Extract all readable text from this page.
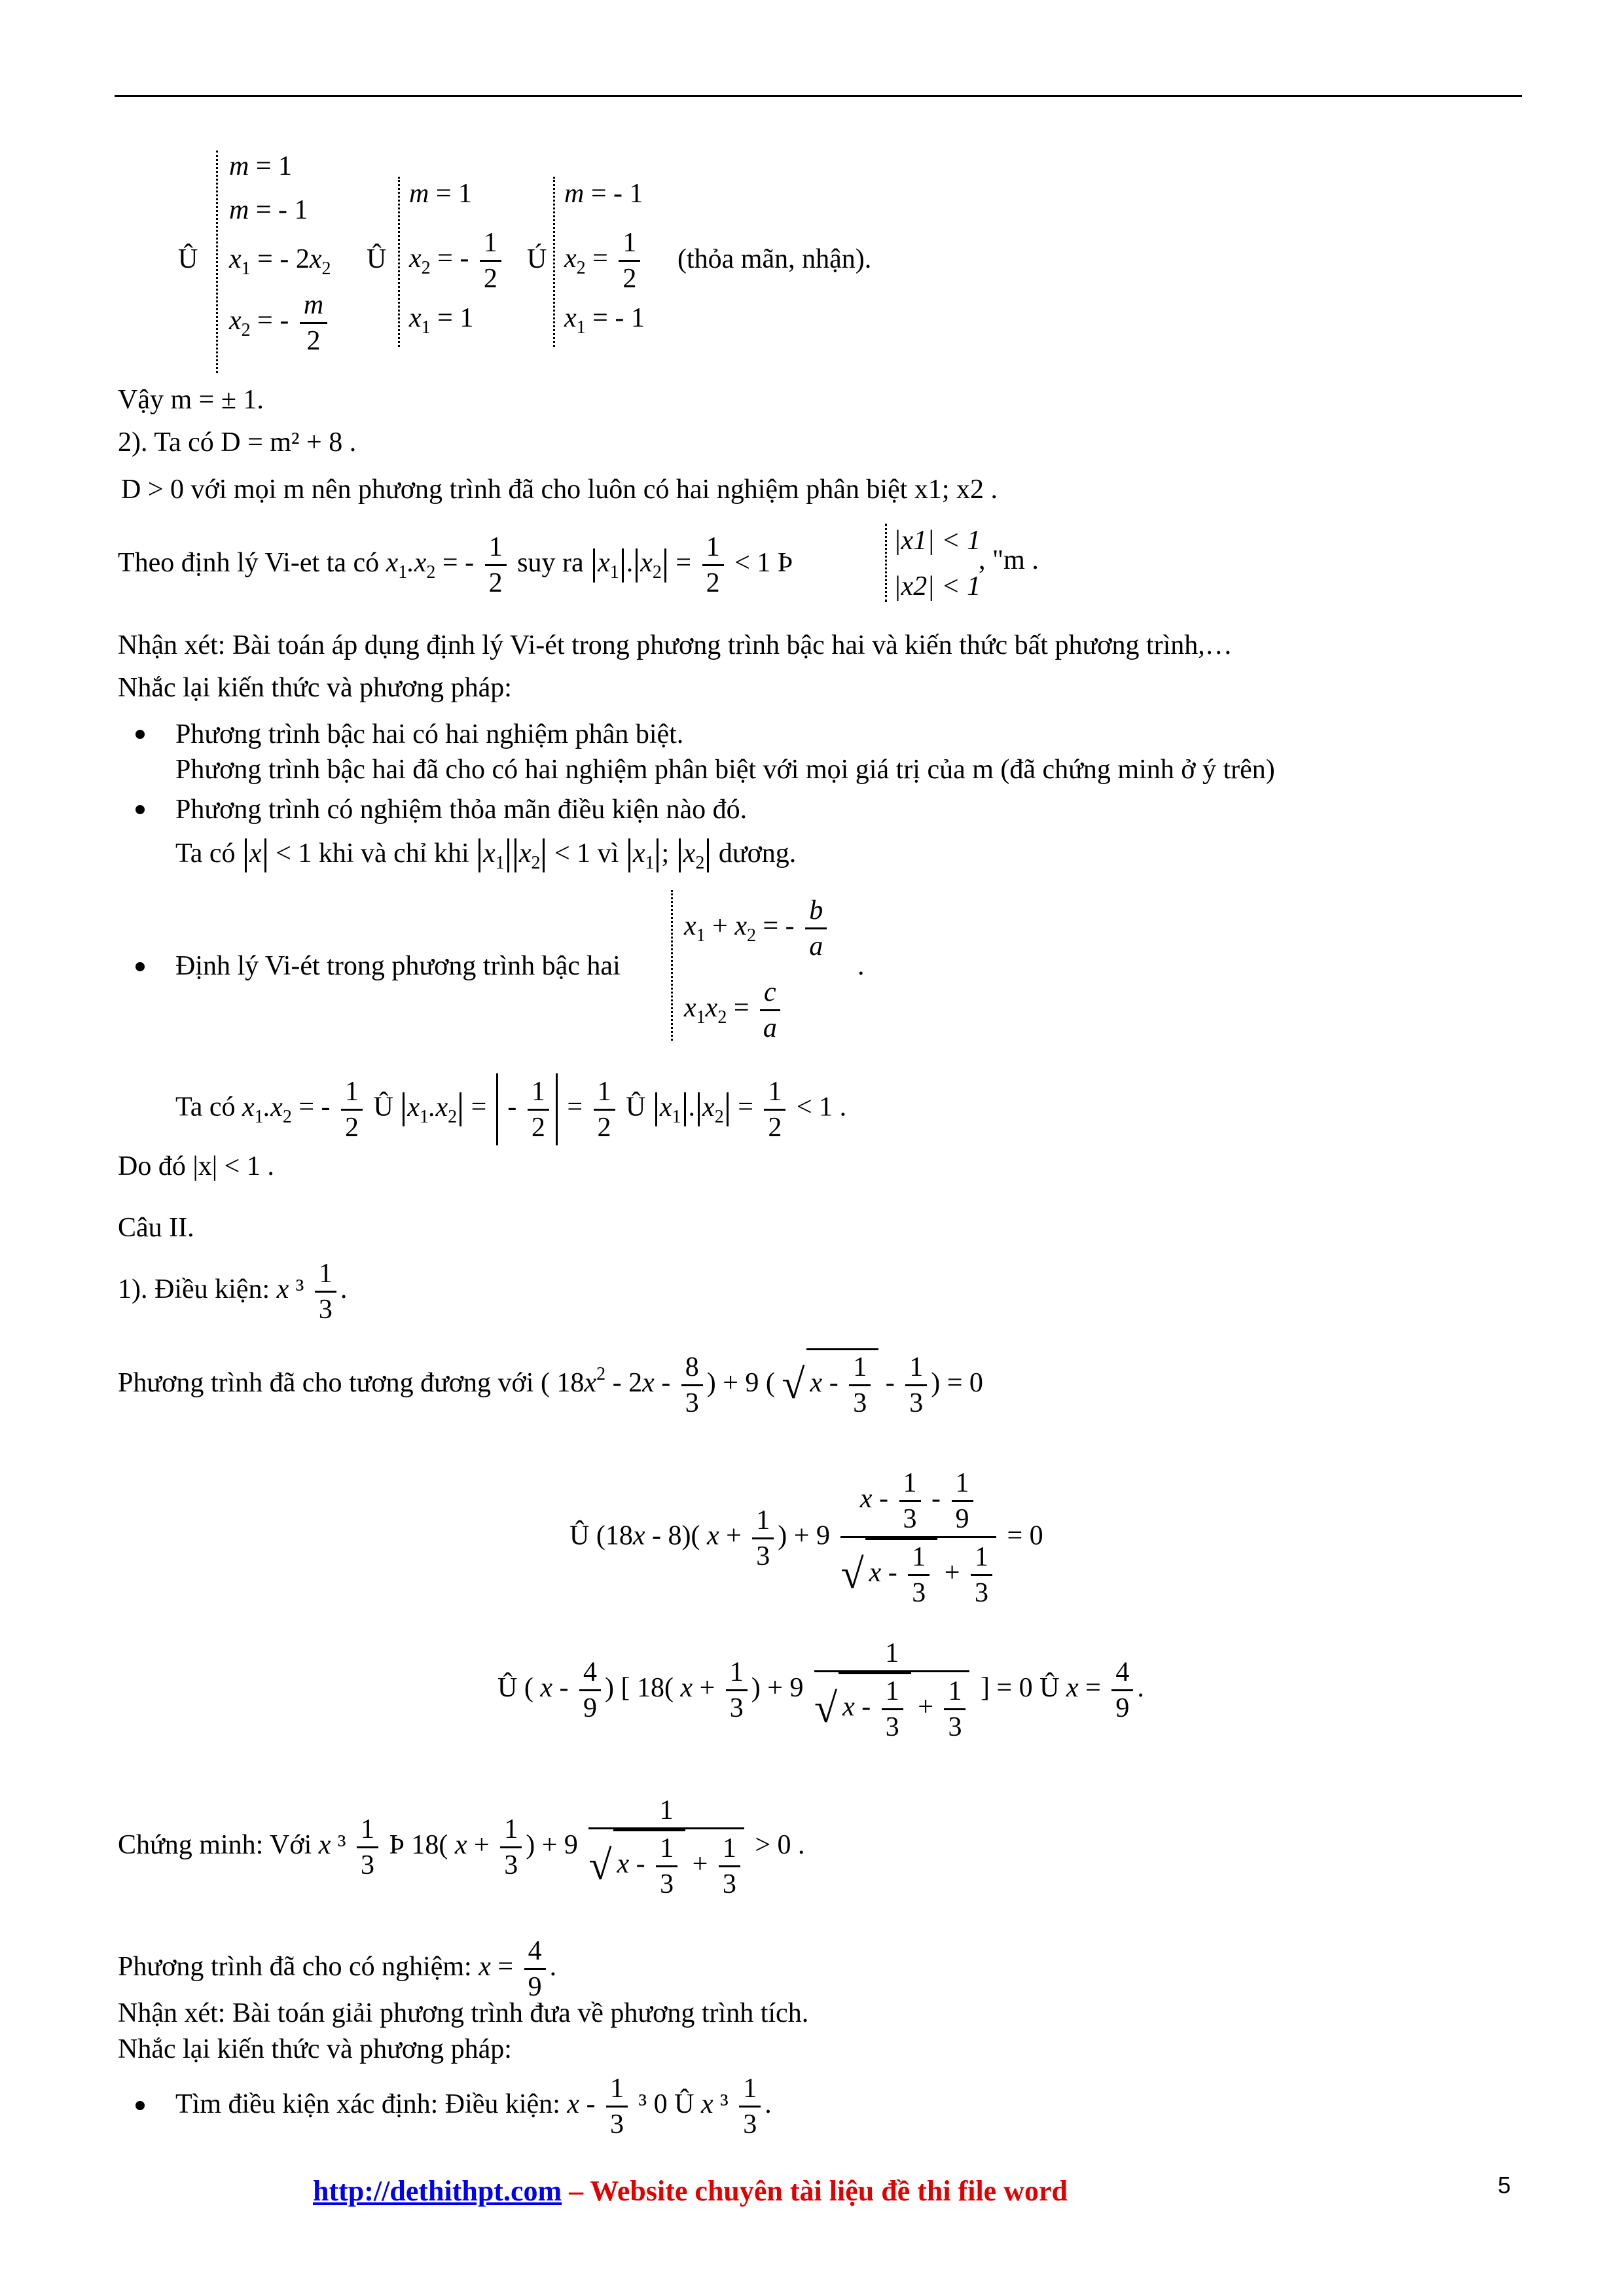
Û
m = 1
m = - 1
$x_1$ = - $2x_2$
$x_2$ = - $\frac{m}{2}$
Û
m = 1
$x_2$ = - $\frac{1}{2}$
$x_1 = 1$
Ú
m = - 1
$x_2 = \frac{1}{2}$
$x_1$ = - 1
(thỏa mãn, nhận).
Vậy m = ± 1.
2). Ta có D = m² + 8 .
D > 0 với mọi m nên phương trình đã cho luôn có hai nghiệm phân biệt x1; x2 .
Theo định lý Vi-et ta có $x_1.x_2$ = - $\frac{1}{2}$ suy ra $x_1$ . $x_2 = \frac{1}{2} < 1$ Þ
|x1| < 1
|x2| < 1
, "m .
Nhận xét: Bài toán áp dụng định lý Vi-ét trong phương trình bậc hai và kiến thức bất phương trình,…
Nhắc lại kiến thức và phương pháp:
Phương trình bậc hai có hai nghiệm phân biệt.
Phương trình bậc hai đã cho có hai nghiệm phân biệt với mọi giá trị của m (đã chứng minh ở ý trên)
Phương trình có nghiệm thỏa mãn điều kiện nào đó.
Ta có x < 1 khi và chỉ khi $x_1$ $x_2 < 1$ vì $x_1$ ; $x_2$ dương.
Định lý Vi-ét trong phương trình bậc hai
$x_1 + x_2$ = - $\frac{b}{a}$
$x_1x_2 = \frac{c}{a}$
.
Ta có $x_1.x_2$ = - $\frac{1}{2}$ Û $x_1.x_2$ =  - $\frac{1}{2} = \frac{1}{2}$ Û $x_1$ . $x_2 = \frac{1}{2} < 1$ .
Do đó |x| < 1 .
Câu II.
1). Điều kiện: x $^3 \frac{1}{3}$ .
Phương trình đã cho tương đương với ( $18x^2 - 2x - \frac{8}{3}$ ) + 9 ( √ x - $\frac{1}{3} - \frac{1}{3}$ ) = 0
Û (18x - 8)( $x + \frac{1}{3}$ ) + $9 \frac{x - \frac{1}{3} - \frac{1}{9}}{√ x - \frac{1}{3} + \frac{1}{3}} = 0$
Û ( x - $\frac{4}{9}$ ) [ 18( $x + \frac{1}{3}$ ) + $9 \frac{1}{√ x - \frac{1}{3} + \frac{1}{3}}$ ] = 0 Û $x = \frac{4}{9}$ .
Chứng minh: Với x $^3 \frac{1}{3}$ Þ 18( $x + \frac{1}{3}$ ) + $9 \frac{1}{√ x - \frac{1}{3} + \frac{1}{3}} > 0$ .
Phương trình đã cho có nghiệm: $x = \frac{4}{9}$ .
Nhận xét: Bài toán giải phương trình đưa về phương trình tích.
Nhắc lại kiến thức và phương pháp:
Tìm điều kiện xác định: Điều kiện: x - $\frac{1}{3} ^3$ 0 Û x $^3 \frac{1}{3}$ .
http://dethithpt.com – Website chuyên tài liệu đề thi file word	5
